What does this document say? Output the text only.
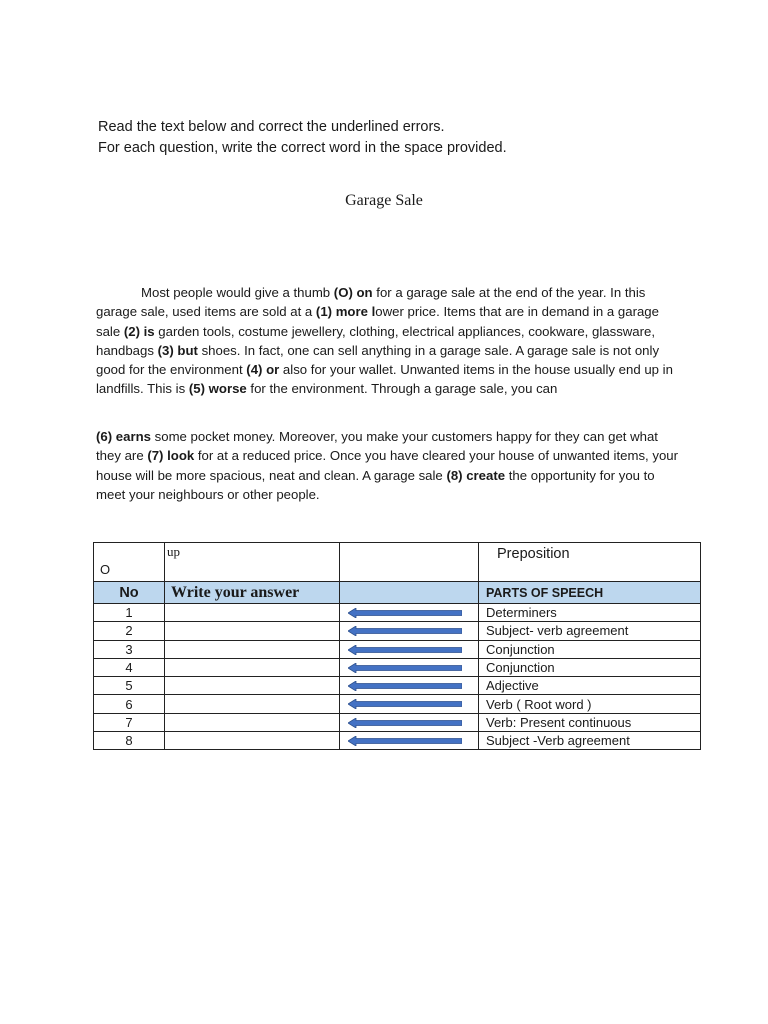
Read the text below and correct the underlined errors.
For each question, write the correct word in the space provided.
Garage Sale
Most people would give a thumb (O) on for a garage sale at the end of the year. In this garage sale, used items are sold at a (1) more lower price. Items that are in demand in a garage sale (2) is garden tools, costume jewellery, clothing, electrical appliances, cookware, glassware, handbags (3) but shoes. In fact, one can sell anything in a garage sale. A garage sale is not only good for the environment (4) or also for your wallet. Unwanted items in the house usually end up in landfills. This is (5) worse for the environment. Through a garage sale, you can
(6) earns some pocket money. Moreover, you make your customers happy for they can get what they are (7) look for at a reduced price. Once you have cleared your house of unwanted items, your house will be more spacious, neat and clean. A garage sale (8) create the opportunity for you to meet your neighbours or other people.
O	up		Preposition
No	Write your answer		PARTS OF SPEECH
1			Determiners
2			Subject- verb agreement
3			Conjunction
4			Conjunction
5			Adjective
6			Verb ( Root word )
7			Verb: Present continuous
8			Subject -Verb agreement
